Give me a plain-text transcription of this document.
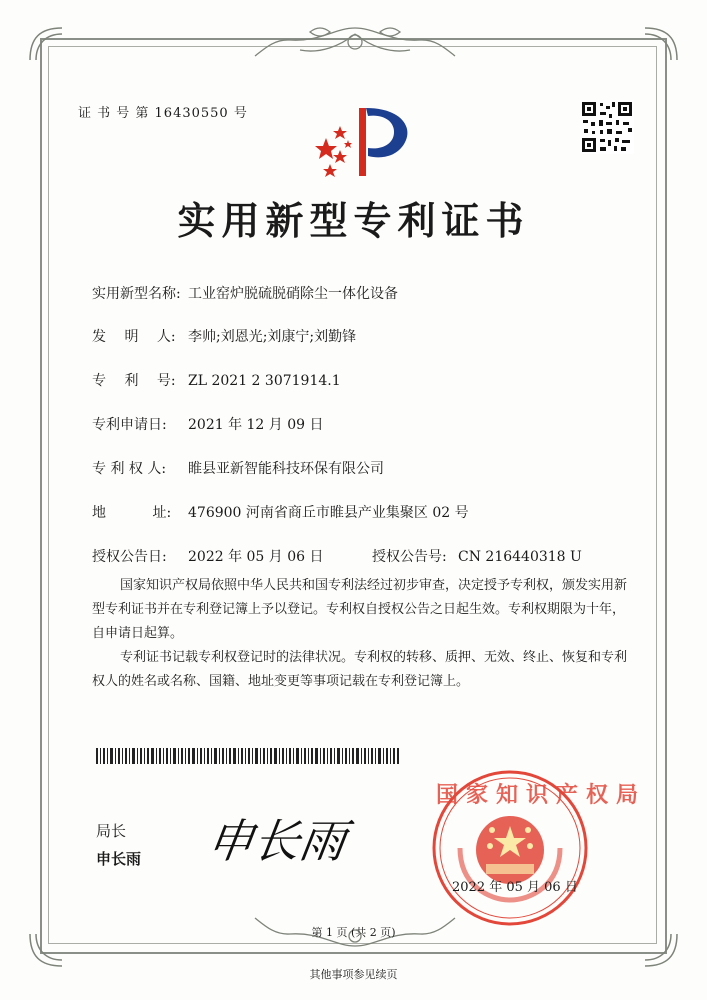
证 书 号 第 16430550 号
实用新型专利证书
实用新型名称: 工业窑炉脱硫脱硝除尘一体化设备
发　 明　 人: 李帅;刘恩光;刘康宁;刘勤锋
专　 利　 号: ZL 2021 2 3071914.1
专利申请日: 2021 年 12 月 09 日
专 利 权 人: 睢县亚新智能科技环保有限公司
地　　　 址: 476900 河南省商丘市睢县产业集聚区 02 号
授权公告日: 2022 年 05 月 06 日	授权公告号: CN 216440318 U
国家知识产权局依照中华人民共和国专利法经过初步审查，决定授予专利权，颁发实用新型专利证书并在专利登记簿上予以登记。专利权自授权公告之日起生效。专利权期限为十年，自申请日起算。
专利证书记载专利权登记时的法律状况。专利权的转移、质押、无效、终止、恢复和专利权人的姓名或名称、国籍、地址变更等事项记载在专利登记簿上。
局长
申长雨 申长雨
国家知识产权局
2022 年 05 月 06 日
第 1 页 (共 2 页)
其他事项参见续页
